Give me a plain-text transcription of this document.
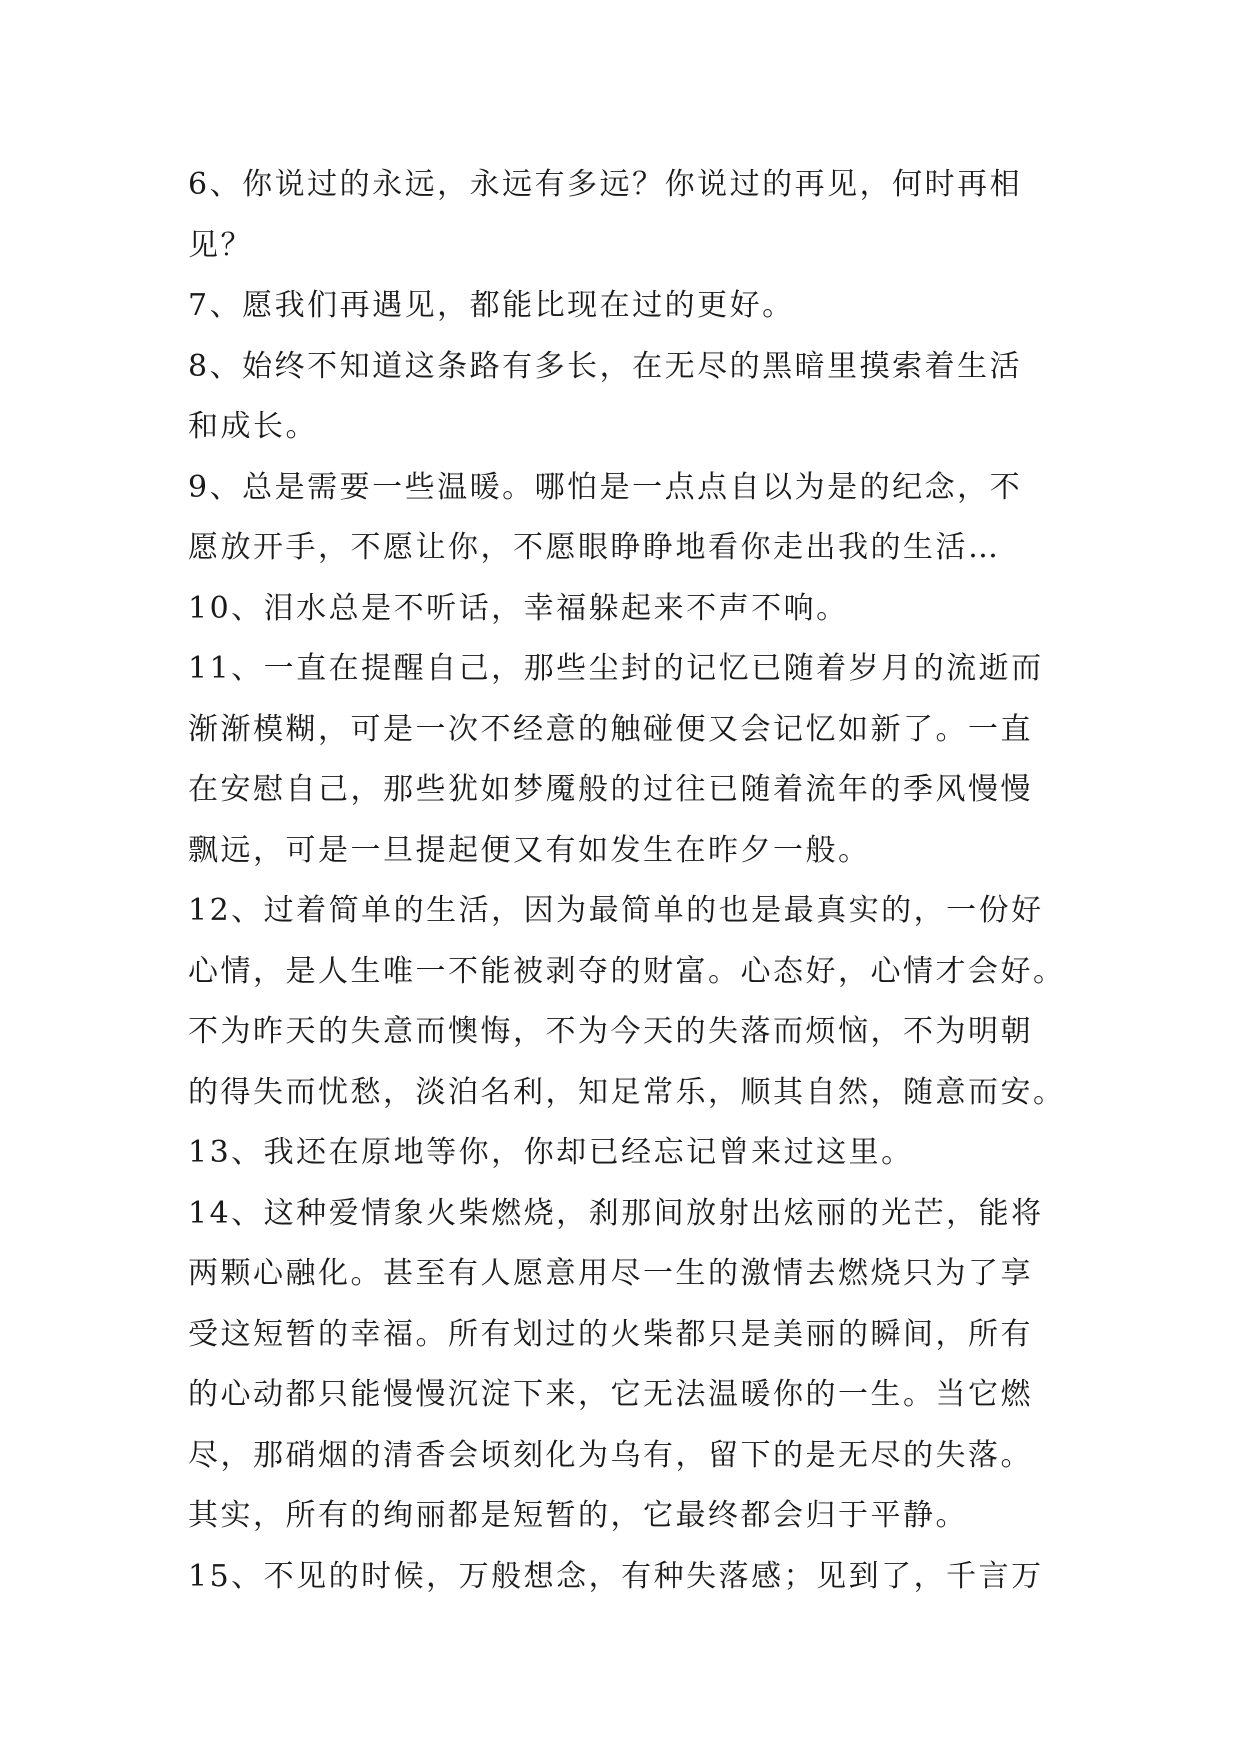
6、你说过的永远，永远有多远？你说过的再见，何时再相
见？
7、愿我们再遇见，都能比现在过的更好。
8、始终不知道这条路有多长，在无尽的黑暗里摸索着生活
和成长。
9、总是需要一些温暖。哪怕是一点点自以为是的纪念，不
愿放开手，不愿让你，不愿眼睁睁地看你走出我的生活…
10、泪水总是不听话，幸福躲起来不声不响。
11、一直在提醒自己，那些尘封的记忆已随着岁月的流逝而
渐渐模糊，可是一次不经意的触碰便又会记忆如新了。一直
在安慰自己，那些犹如梦魇般的过往已随着流年的季风慢慢
飘远，可是一旦提起便又有如发生在昨夕一般。
12、过着简单的生活，因为最简单的也是最真实的，一份好
心情，是人生唯一不能被剥夺的财富。心态好，心情才会好。
不为昨天的失意而懊悔，不为今天的失落而烦恼，不为明朝
的得失而忧愁，淡泊名利，知足常乐，顺其自然，随意而安。
13、我还在原地等你，你却已经忘记曾来过这里。
14、这种爱情象火柴燃烧，刹那间放射出炫丽的光芒，能将
两颗心融化。甚至有人愿意用尽一生的激情去燃烧只为了享
受这短暂的幸福。所有划过的火柴都只是美丽的瞬间，所有
的心动都只能慢慢沉淀下来，它无法温暖你的一生。当它燃
尽，那硝烟的清香会顷刻化为乌有，留下的是无尽的失落。
其实，所有的绚丽都是短暂的，它最终都会归于平静。
15、不见的时候，万般想念，有种失落感；见到了，千言万
